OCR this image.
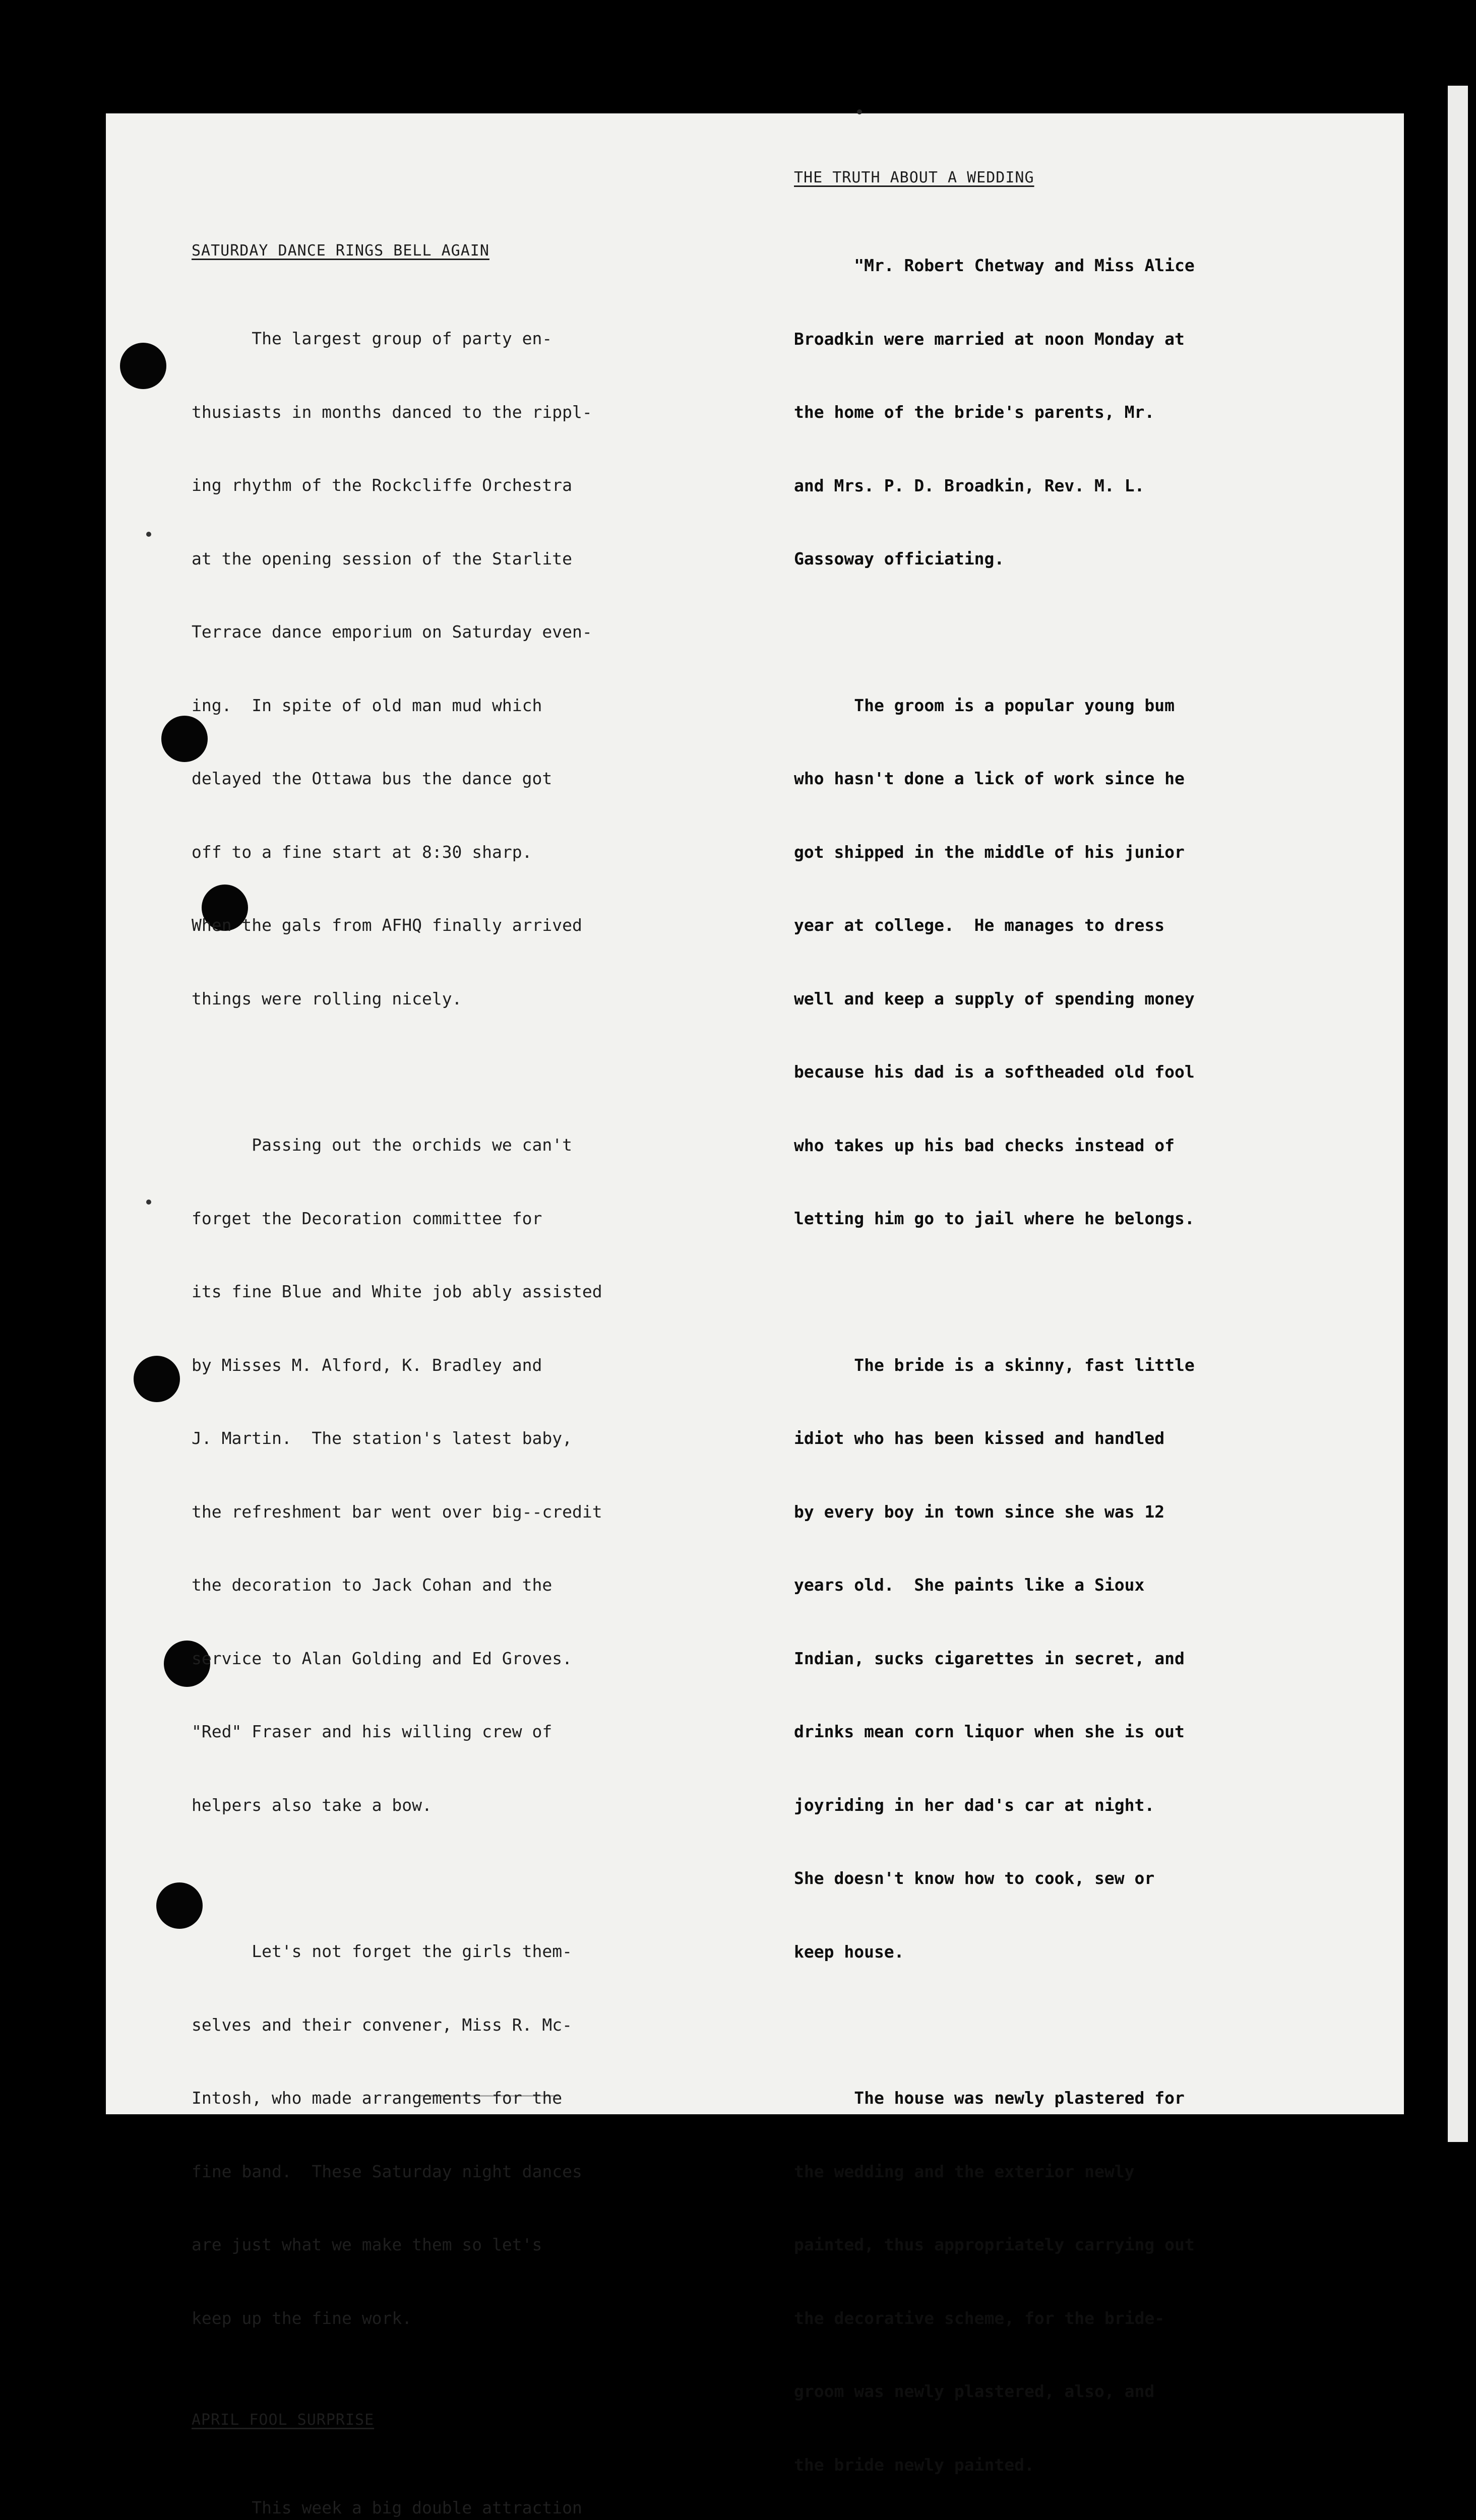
SATURDAY DANCE RINGS BELL AGAIN

The largest group of party en-

thusiasts in months danced to the rippl-

ing rhythm of the Rockcliffe Orchestra

at the opening session of the Starlite

Terrace dance emporium on Saturday even-

ing.  In spite of old man mud which

delayed the Ottawa bus the dance got

off to a fine start at 8:30 sharp.

When the gals from AFHQ finally arrived

things were rolling nicely.

Passing out the orchids we can't

forget the Decoration committee for

its fine Blue and White job ably assisted

by Misses M. Alford, K. Bradley and

J. Martin.  The station's latest baby,

the refreshment bar went over big--credit

the decoration to Jack Cohan and the

service to Alan Golding and Ed Groves.

"Red" Fraser and his willing crew of

helpers also take a bow.

Let's not forget the girls them-

selves and their convener, Miss R. Mc-

Intosh, who made arrangements for the

fine band.  These Saturday night dances

are just what we make them so let's

keep up the fine work.

APRIL FOOL SURPRISE

This week a big double attraction

THE TRUTH ABOUT A WEDDING

"Mr. Robert Chetway and Miss Alice

Broadkin were married at noon Monday at

the home of the bride's parents, Mr.

and Mrs. P. D. Broadkin, Rev. M. L.

Gassoway officiating.

The groom is a popular young bum

who hasn't done a lick of work since he

got shipped in the middle of his junior

year at college.  He manages to dress

well and keep a supply of spending money

because his dad is a softheaded old fool

who takes up his bad checks instead of

letting him go to jail where he belongs.

The bride is a skinny, fast little

idiot who has been kissed and handled

by every boy in town since she was 12

years old.  She paints like a Sioux

Indian, sucks cigarettes in secret, and

drinks mean corn liquor when she is out

joyriding in her dad's car at night.

She doesn't know how to cook, sew or

keep house.

The house was newly plastered for

the wedding and the exterior newly

painted, thus appropriately carrying out

the decorative scheme, for the bride-

groom was newly plastered, also, and

the bride newly painted.
